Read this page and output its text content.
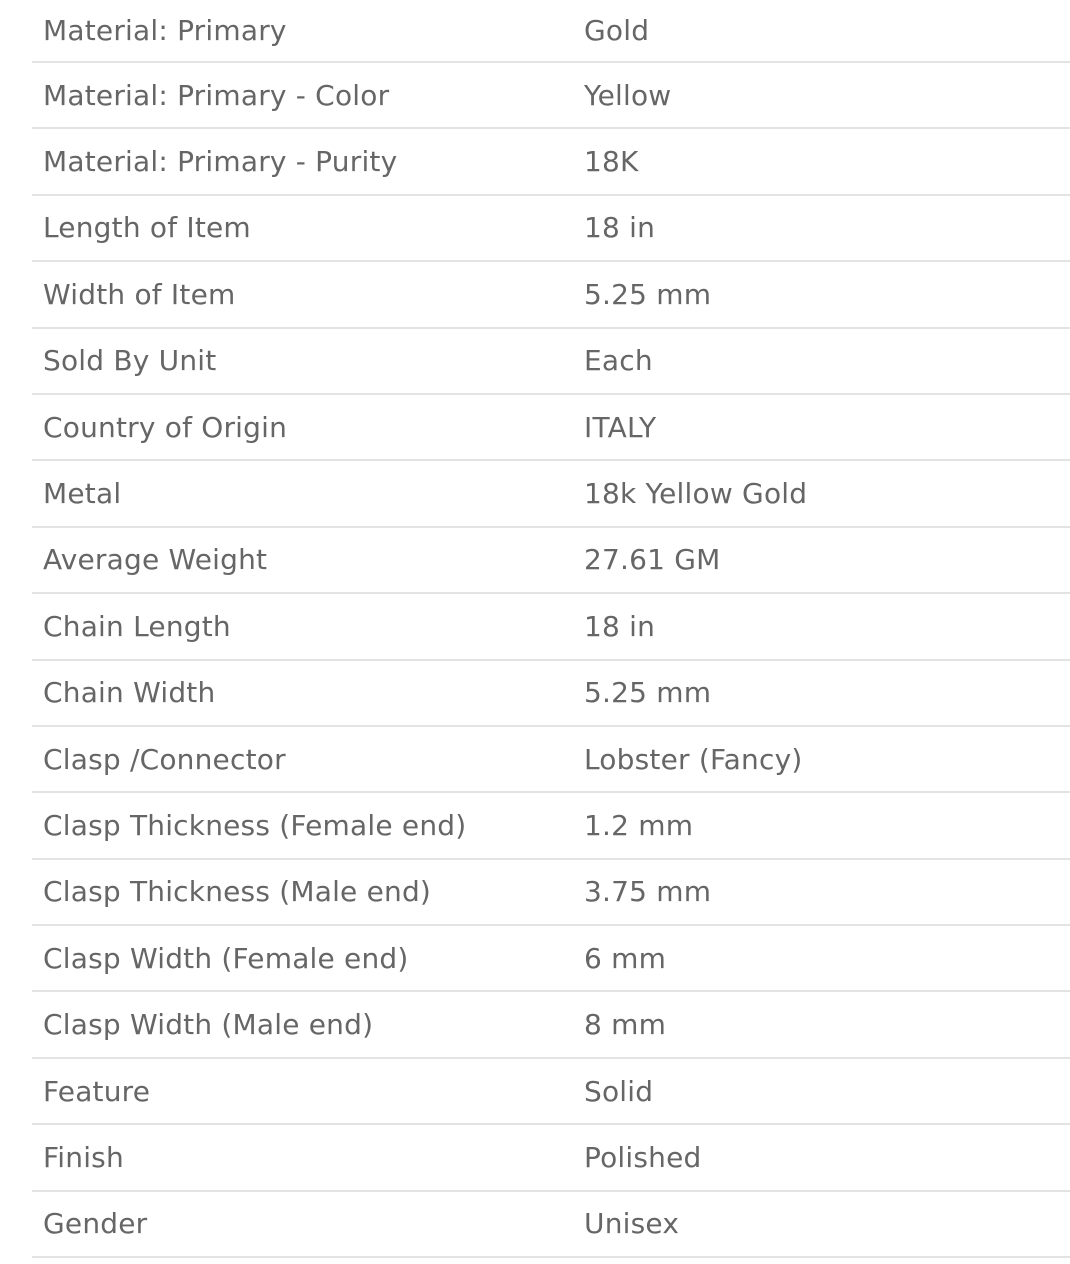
Material: Primary	Gold
Material: Primary - Color	Yellow
Material: Primary - Purity	18K
Length of Item	18 in
Width of Item	5.25 mm
Sold By Unit	Each
Country of Origin	ITALY
Metal	18k Yellow Gold
Average Weight	27.61 GM
Chain Length	18 in
Chain Width	5.25 mm
Clasp /Connector	Lobster (Fancy)
Clasp Thickness (Female end)	1.2 mm
Clasp Thickness (Male end)	3.75 mm
Clasp Width (Female end)	6 mm
Clasp Width (Male end)	8 mm
Feature	Solid
Finish	Polished
Gender	Unisex
